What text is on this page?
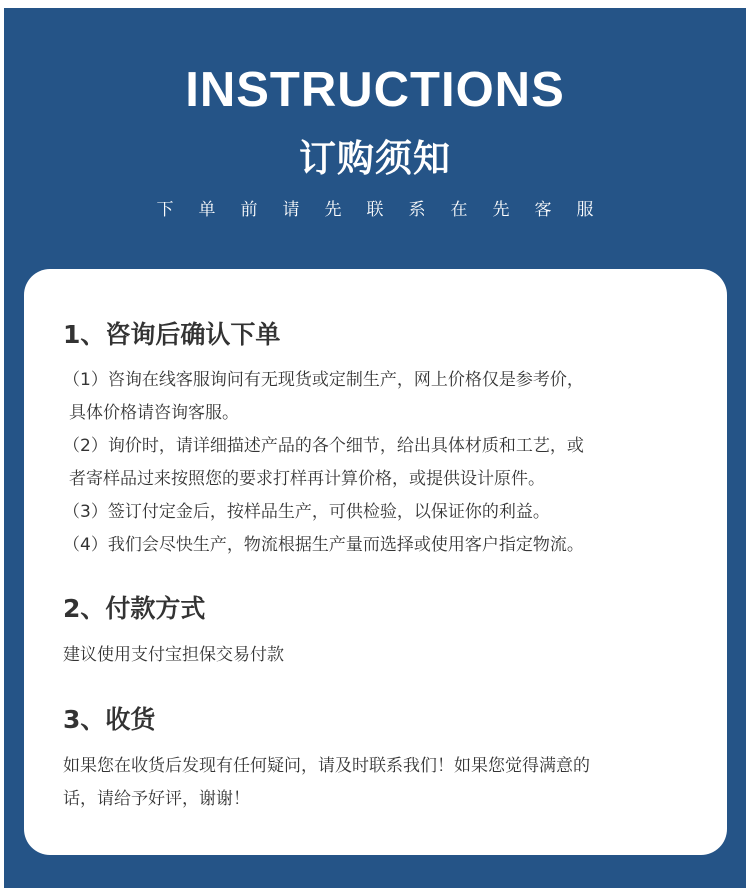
INSTRUCTIONS
订购须知
下单前请先联系在先客服
1、咨询后确认下单
（1）咨询在线客服询问有无现货或定制生产，网上价格仅是参考价，
具体价格请咨询客服。
（2）询价时，请详细描述产品的各个细节，给出具体材质和工艺，或
者寄样品过来按照您的要求打样再计算价格，或提供设计原件。
（3）签订付定金后，按样品生产，可供检验，以保证你的利益。
（4）我们会尽快生产，物流根据生产量而选择或使用客户指定物流。
2、付款方式
建议使用支付宝担保交易付款
3、收货
如果您在收货后发现有任何疑问，请及时联系我们！如果您觉得满意的
话，请给予好评，谢谢！
